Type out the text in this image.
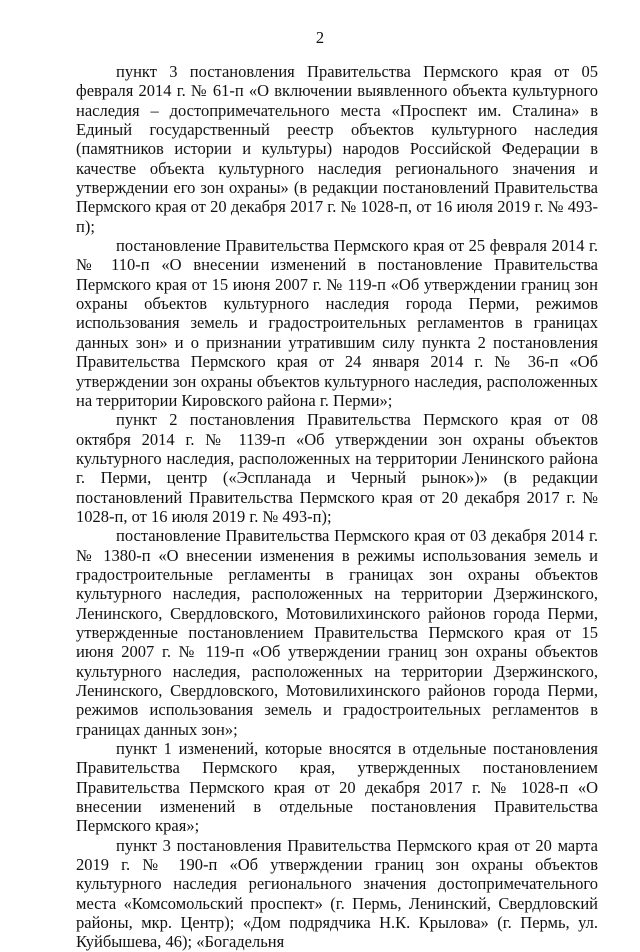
2

пункт 3 постановления Правительства Пермского края от 05 февраля 2014 г. № 61-п «О включении выявленного объекта культурного наследия – достопримечательного места «Проспект им. Сталина» в Единый государственный реестр объектов культурного наследия (памятников истории и культуры) народов Российской Федерации в качестве объекта культурного наследия регионального значения и утверждении его зон охраны» (в редакции постановлений Правительства Пермского края от 20 декабря 2017 г. № 1028-п, от 16 июля 2019 г. № 493-п);

постановление Правительства Пермского края от 25 февраля 2014 г. № 110-п «О внесении изменений в постановление Правительства Пермского края от 15 июня 2007 г. № 119-п «Об утверждении границ зон охраны объектов культурного наследия города Перми, режимов использования земель и градостроительных регламентов в границах данных зон» и о признании утратившим силу пункта 2 постановления Правительства Пермского края от 24 января 2014 г. № 36-п «Об утверждении зон охраны объектов культурного наследия, расположенных на территории Кировского района г. Перми»;

пункт 2 постановления Правительства Пермского края от 08 октября 2014 г. № 1139-п «Об утверждении зон охраны объектов культурного наследия, расположенных на территории Ленинского района г. Перми, центр («Эспланада и Черный рынок»)» (в редакции постановлений Правительства Пермского края от 20 декабря 2017 г. № 1028-п, от 16 июля 2019 г. № 493-п);

постановление Правительства Пермского края от 03 декабря 2014 г. № 1380-п «О внесении изменения в режимы использования земель и градостроительные регламенты в границах зон охраны объектов культурного наследия, расположенных на территории Дзержинского, Ленинского, Свердловского, Мотовилихинского районов города Перми, утвержденные постановлением Правительства Пермского края от 15 июня 2007 г. № 119-п «Об утверждении границ зон охраны объектов культурного наследия, расположенных на территории Дзержинского, Ленинского, Свердловского, Мотовилихинского районов города Перми, режимов использования земель и градостроительных регламентов в границах данных зон»;

пункт 1 изменений, которые вносятся в отдельные постановления Правительства Пермского края, утвержденных постановлением Правительства Пермского края от 20 декабря 2017 г. № 1028-п «О внесении изменений в отдельные постановления Правительства Пермского края»;

пункт 3 постановления Правительства Пермского края от 20 марта 2019 г. № 190-п «Об утверждении границ зон охраны объектов культурного наследия регионального значения достопримечательного места «Комсомольский проспект» (г. Пермь, Ленинский, Свердловский районы, мкр. Центр); «Дом подрядчика Н.К. Крылова» (г. Пермь, ул. Куйбышева, 46); «Богадельня
